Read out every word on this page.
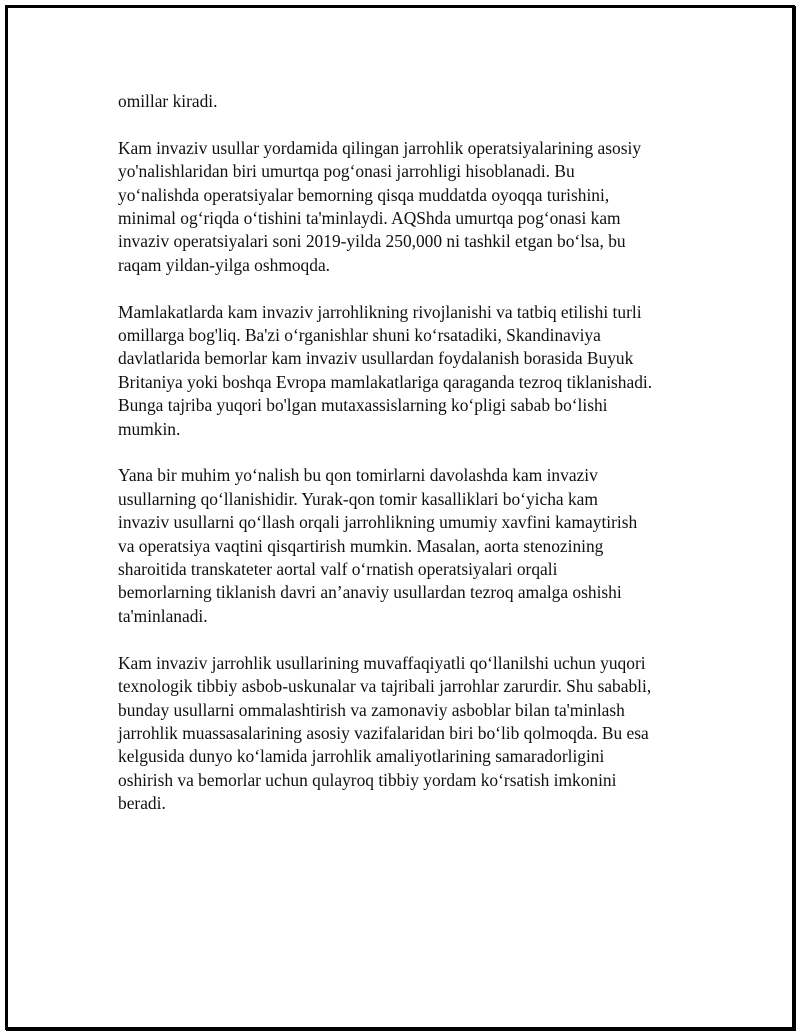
omillar kiradi.

Kam invaziv usullar yordamida qilingan jarrohlik operatsiyalarining asosiy
yo'nalishlaridan biri umurtqa pog‘onasi jarrohligi hisoblanadi. Bu
yo‘nalishda operatsiyalar bemorning qisqa muddatda oyoqqa turishini,
minimal og‘riqda o‘tishini ta'minlaydi. AQShda umurtqa pog‘onasi kam
invaziv operatsiyalari soni 2019-yilda 250,000 ni tashkil etgan bo‘lsa, bu
raqam yildan-yilga oshmoqda.

Mamlakatlarda kam invaziv jarrohlikning rivojlanishi va tatbiq etilishi turli
omillarga bog'liq. Ba'zi o‘rganishlar shuni ko‘rsatadiki, Skandinaviya
davlatlarida bemorlar kam invaziv usullardan foydalanish borasida Buyuk
Britaniya yoki boshqa Evropa mamlakatlariga qaraganda tezroq tiklanishadi.
Bunga tajriba yuqori bo'lgan mutaxassislarning ko‘pligi sabab bo‘lishi
mumkin.

Yana bir muhim yo‘nalish bu qon tomirlarni davolashda kam invaziv
usullarning qo‘llanishidir. Yurak-qon tomir kasalliklari bo‘yicha kam
invaziv usullarni qo‘llash orqali jarrohlikning umumiy xavfini kamaytirish
va operatsiya vaqtini qisqartirish mumkin. Masalan, aorta stenozining
sharoitida transkateter aortal valf o‘rnatish operatsiyalari orqali
bemorlarning tiklanish davri an’anaviy usullardan tezroq amalga oshishi
ta'minlanadi.

Kam invaziv jarrohlik usullarining muvaffaqiyatli qo‘llanilshi uchun yuqori
texnologik tibbiy asbob-uskunalar va tajribali jarrohlar zarurdir. Shu sababli,
bunday usullarni ommalashtirish va zamonaviy asboblar bilan ta'minlash
jarrohlik muassasalarining asosiy vazifalaridan biri bo‘lib qolmoqda. Bu esa
kelgusida dunyo ko‘lamida jarrohlik amaliyotlarining samaradorligini
oshirish va bemorlar uchun qulayroq tibbiy yordam ko‘rsatish imkonini
beradi.
